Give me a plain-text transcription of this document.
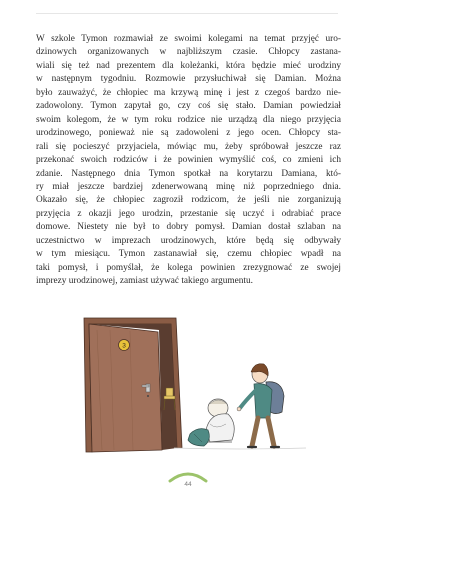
W szkole Tymon rozmawiał ze swoimi kolegami na temat przyjęć uro-
dzinowych organizowanych w najbliższym czasie. Chłopcy zastana-
wiali się też nad prezentem dla koleżanki, która będzie mieć urodziny
w następnym tygodniu. Rozmowie przysłuchiwał się Damian. Można
było zauważyć, że chłopiec ma krzywą minę i jest z czegoś bardzo nie-
zadowolony. Tymon zapytał go, czy coś się stało. Damian powiedział
swoim kolegom, że w tym roku rodzice nie urządzą dla niego przyjęcia
urodzinowego, ponieważ nie są zadowoleni z jego ocen. Chłopcy sta-
rali się pocieszyć przyjaciela, mówiąc mu, żeby spróbował jeszcze raz
przekonać swoich rodziców i że powinien wymyślić coś, co zmieni ich
zdanie. Następnego dnia Tymon spotkał na korytarzu Damiana, któ-
ry miał jeszcze bardziej zdenerwowaną minę niż poprzedniego dnia.
Okazało się, że chłopiec zagroził rodzicom, że jeśli nie zorganizują
przyjęcia z okazji jego urodzin, przestanie się uczyć i odrabiać prace
domowe. Niestety nie był to dobry pomysł. Damian dostał szlaban na
uczestnictwo w imprezach urodzinowych, które będą się odbywały
w tym miesiącu. Tymon zastanawiał się, czemu chłopiec wpadł na
taki pomysł, i pomyślał, że kolega powinien zrezygnować ze swojej
imprezy urodzinowej, zamiast używać takiego argumentu.
3
44
